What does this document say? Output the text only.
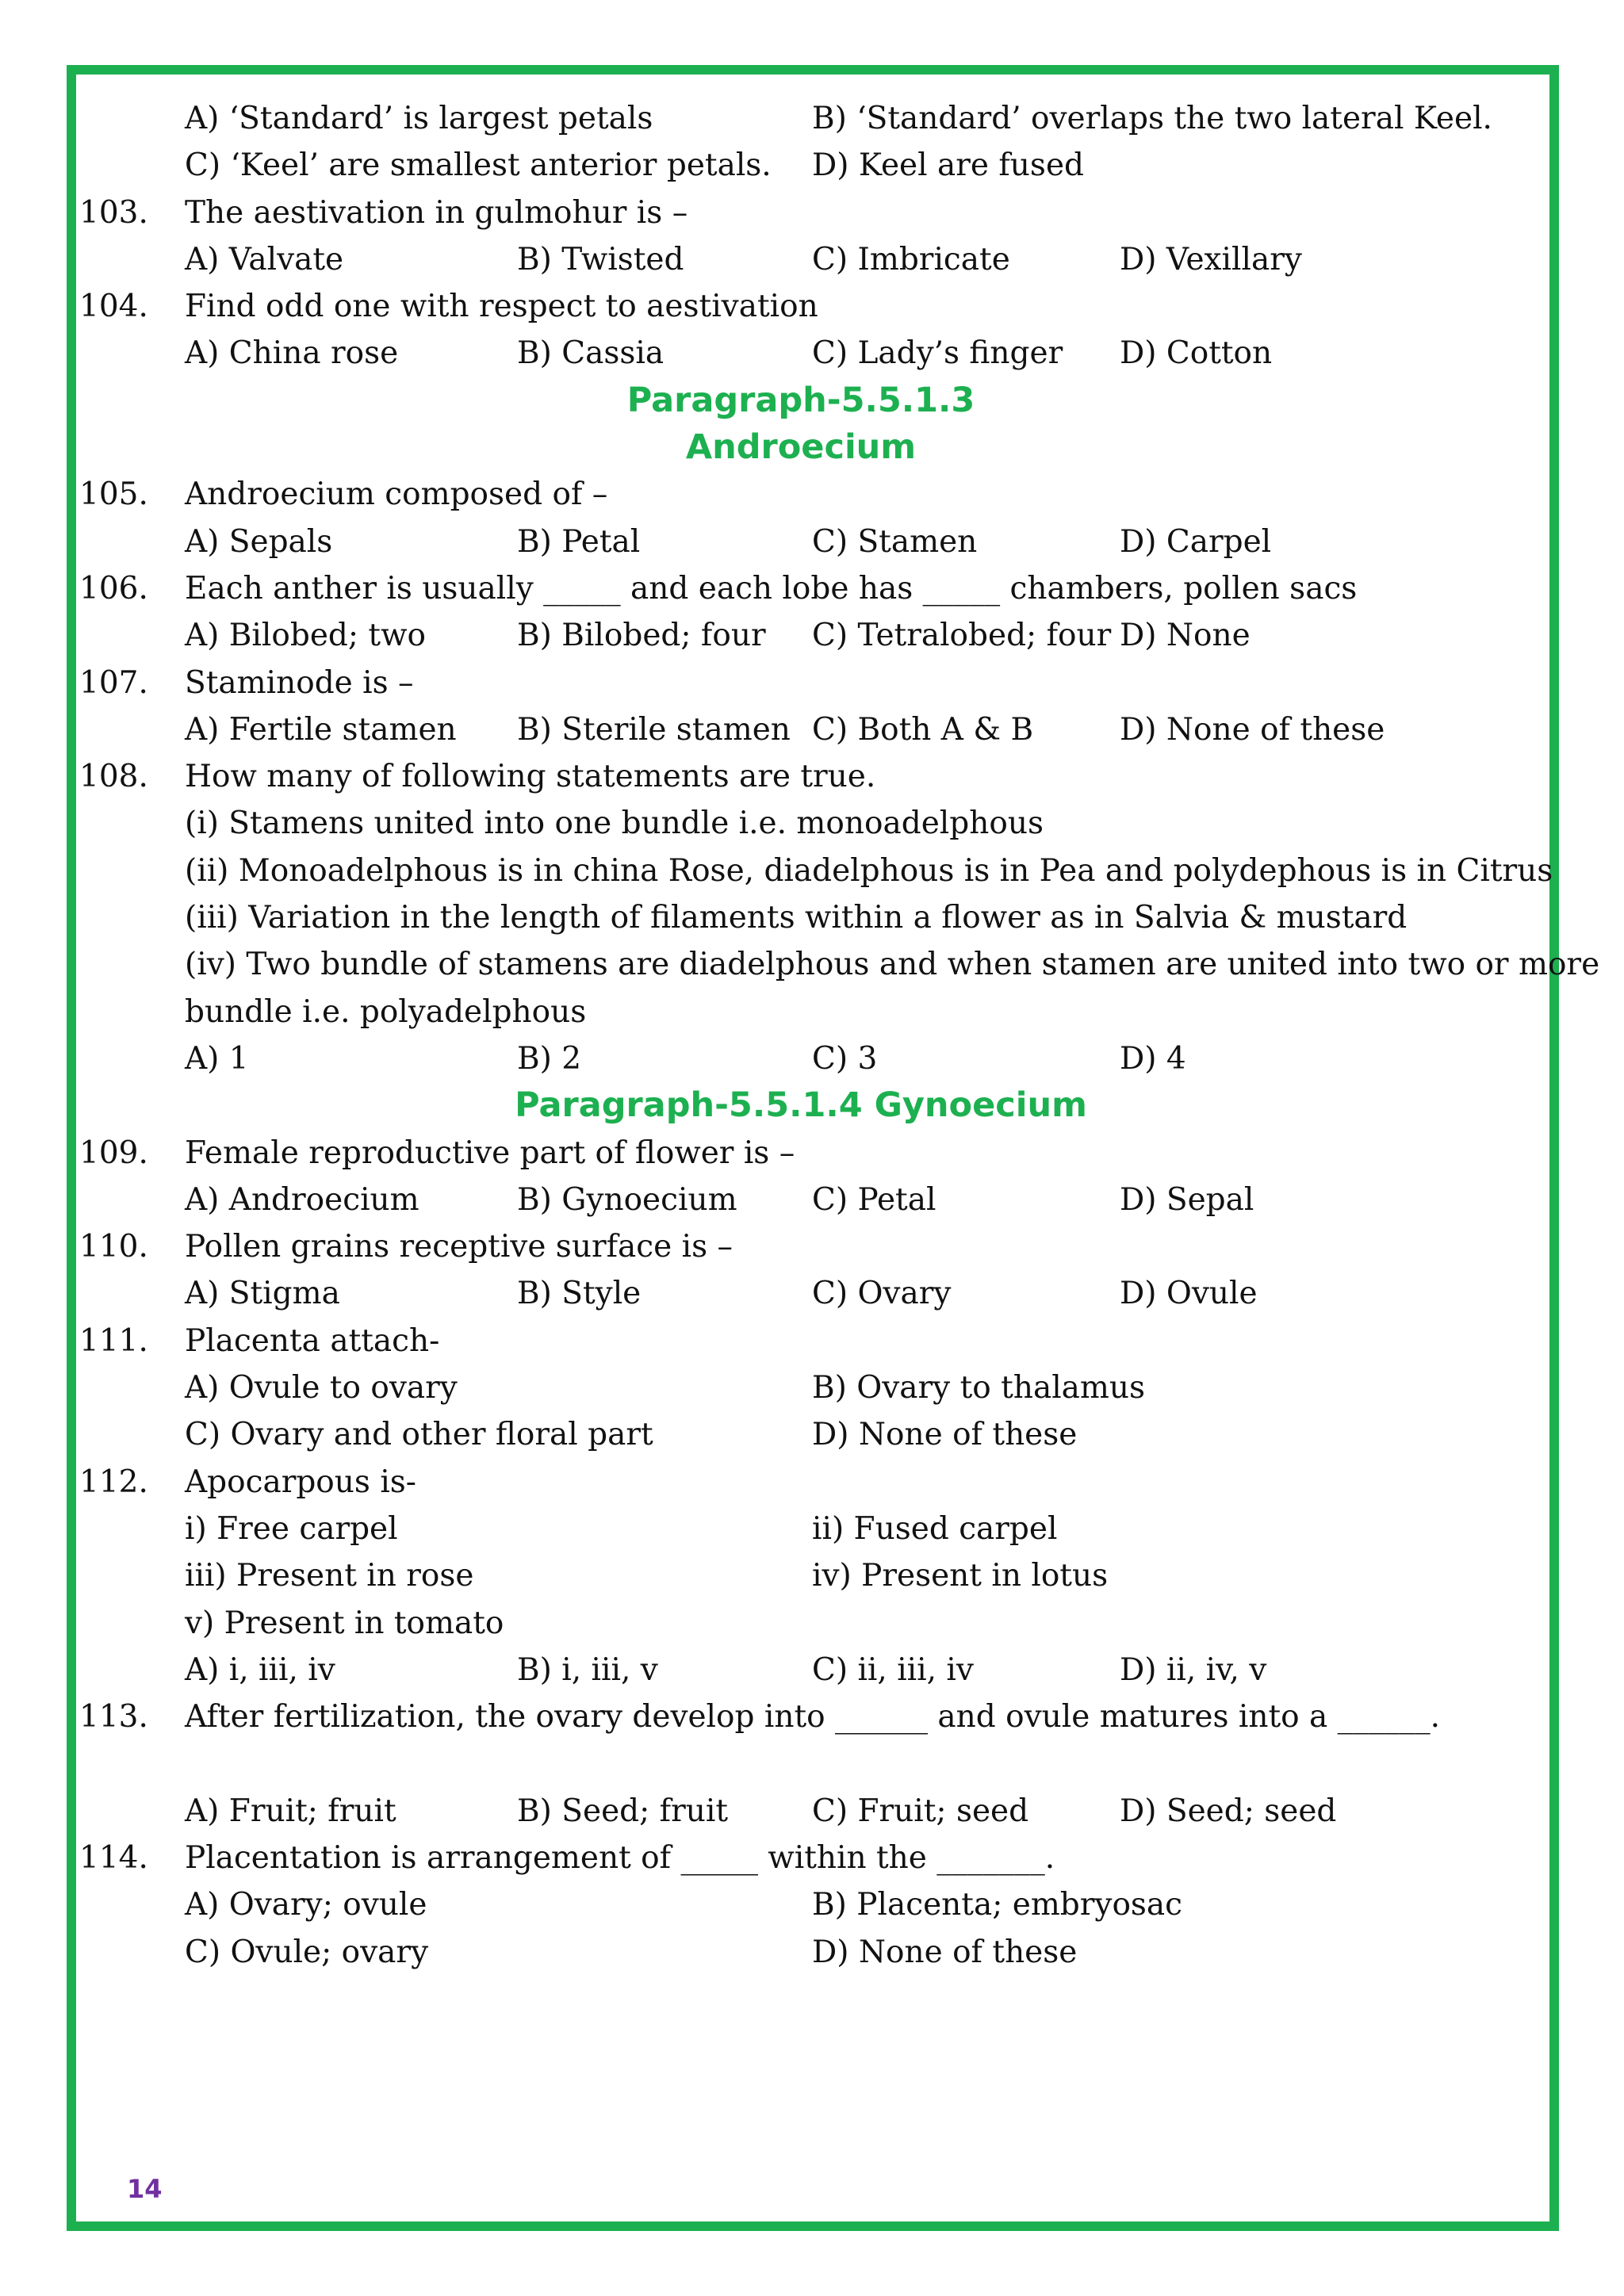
A) ‘Standard’ is largest petals	B) ‘Standard’ overlaps the two lateral Keel.
C) ‘Keel’ are smallest anterior petals. D) Keel are fused
103. The aestivation in gulmohur is –
A) Valvate	B) Twisted	C) Imbricate	D) Vexillary
104. Find odd one with respect to aestivation
A) China rose	B) Cassia	C) Lady’s finger D) Cotton
Paragraph-5.5.1.3
Androecium
105. Androecium composed of –
A) Sepals	B) Petal	C) Stamen	D) Carpel
106. Each anther is usually _____ and each lobe has _____ chambers, pollen sacs
A) Bilobed; two	B) Bilobed; four C) Tetralobed; four D) None
107. Staminode is –
A) Fertile stamen B) Sterile stamen C) Both A & B	D) None of these
108. How many of following statements are true.
(i) Stamens united into one bundle i.e. monoadelphous
(ii) Monoadelphous is in china Rose, diadelphous is in Pea and polydephous is in Citrus
(iii) Variation in the length of filaments within a flower as in Salvia & mustard
(iv) Two bundle of stamens are diadelphous and when stamen are united into two or more
bundle i.e. polyadelphous
A) 1	B) 2	C) 3	D) 4
Paragraph-5.5.1.4 Gynoecium
109. Female reproductive part of flower is –
A) Androecium	B) Gynoecium C) Petal	D) Sepal
110. Pollen grains receptive surface is –
A) Stigma	B) Style	C) Ovary	D) Ovule
111. Placenta attach-
A) Ovule to ovary	B) Ovary to thalamus
C) Ovary and other floral part	D) None of these
112. Apocarpous is-
i) Free carpel	ii) Fused carpel
iii) Present in rose	iv) Present in lotus
v) Present in tomato
A) i, iii, iv	B) i, iii, v	C) ii, iii, iv	D) ii, iv, v
113. After fertilization, the ovary develop into ______ and ovule matures into a ______.
A) Fruit; fruit	B) Seed; fruit	C) Fruit; seed	D) Seed; seed
114. Placentation is arrangement of _____ within the _______.
A) Ovary; ovule	B) Placenta; embryosac
C) Ovule; ovary	D) None of these
14
